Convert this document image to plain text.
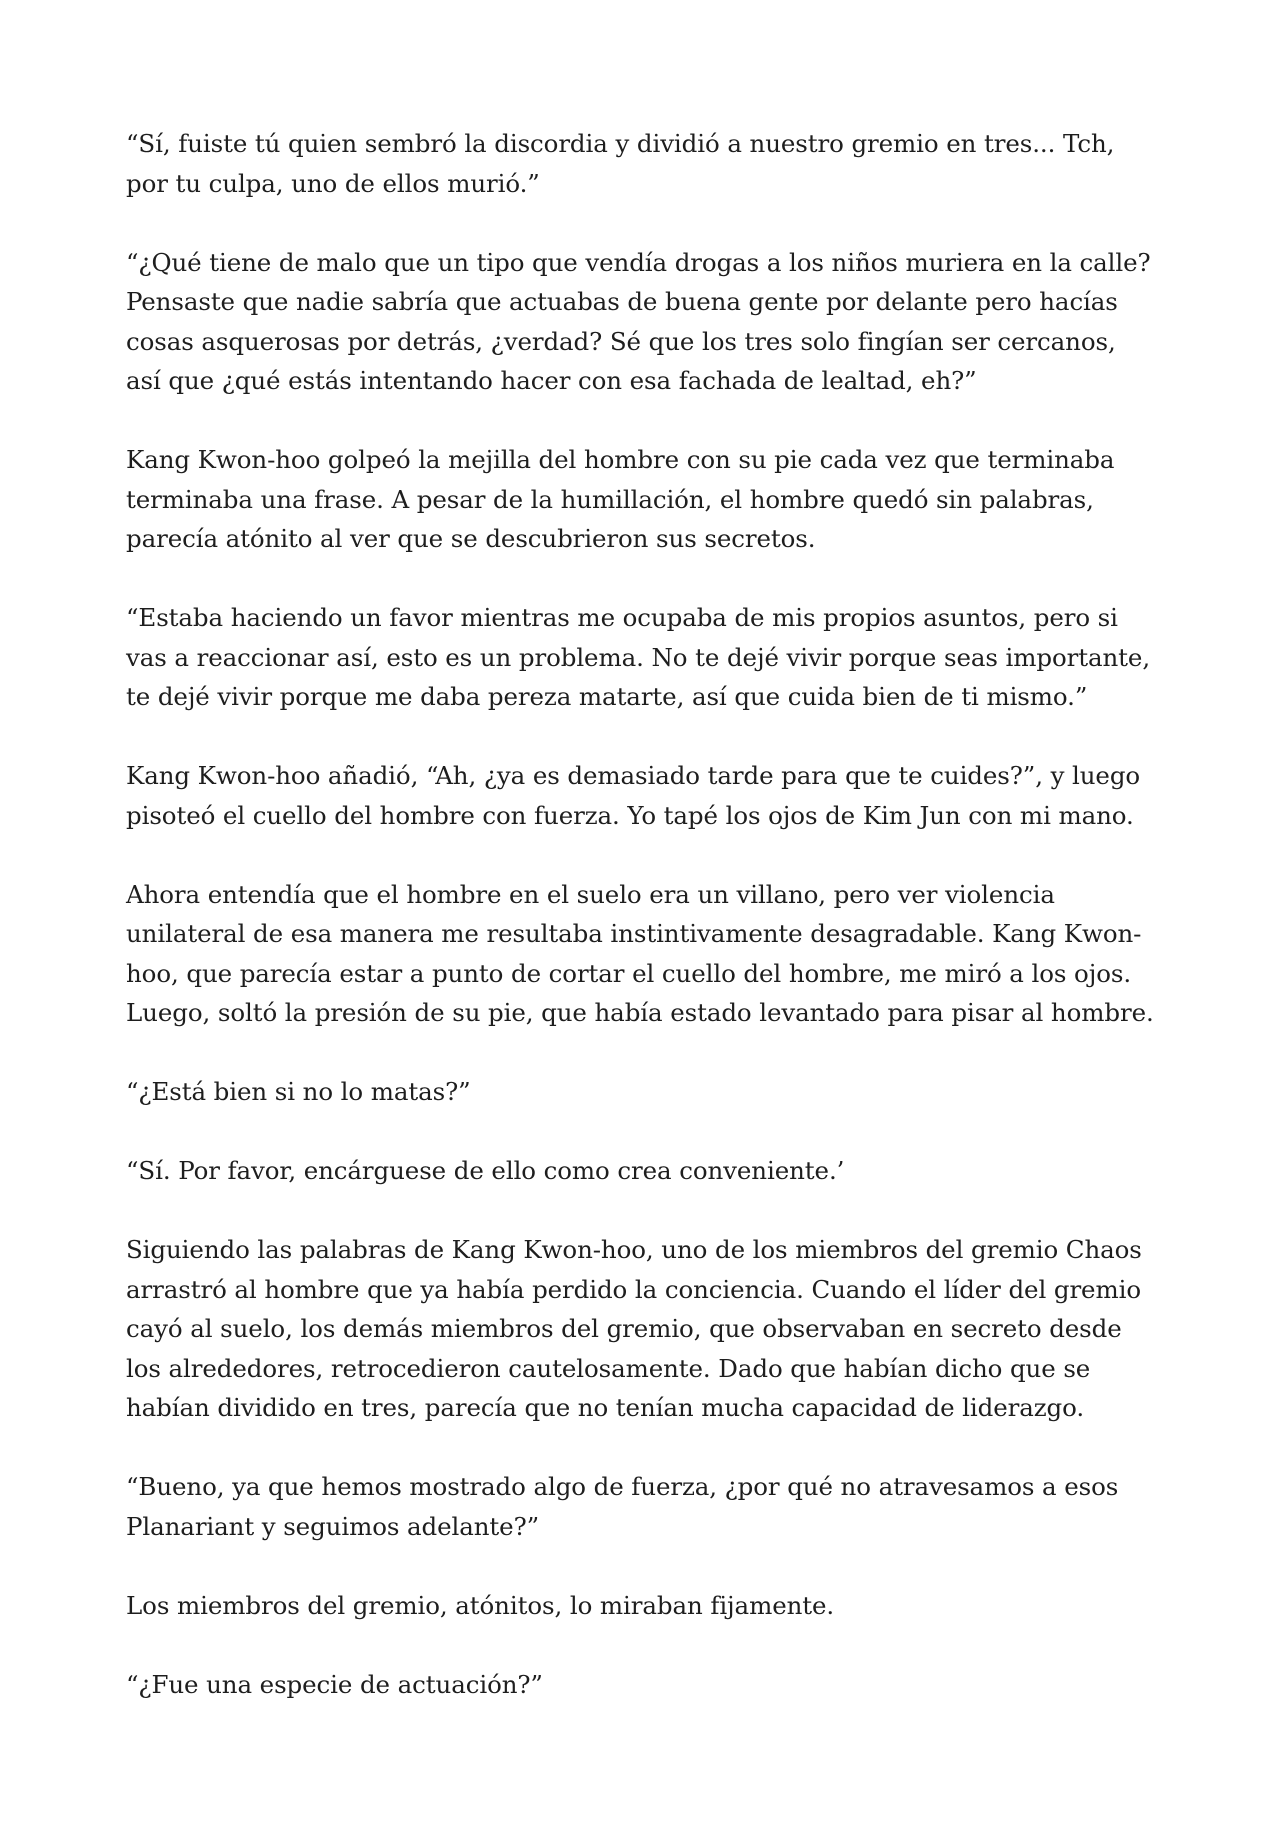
“Sí, fuiste tú quien sembró la discordia y dividió a nuestro gremio en tres... Tch, por tu culpa, uno de ellos murió.”

“¿Qué tiene de malo que un tipo que vendía drogas a los niños muriera en la calle? Pensaste que nadie sabría que actuabas de buena gente por delante pero hacías cosas asquerosas por detrás, ¿verdad? Sé que los tres solo fingían ser cercanos, así que ¿qué estás intentando hacer con esa fachada de lealtad, eh?”

Kang Kwon-hoo golpeó la mejilla del hombre con su pie cada vez que terminaba terminaba una frase. A pesar de la humillación, el hombre quedó sin palabras, parecía atónito al ver que se descubrieron sus secretos.

“Estaba haciendo un favor mientras me ocupaba de mis propios asuntos, pero si vas a reaccionar así, esto es un problema. No te dejé vivir porque seas importante, te dejé vivir porque me daba pereza matarte, así que cuida bien de ti mismo.”

Kang Kwon-hoo añadió, “Ah, ¿ya es demasiado tarde para que te cuides?”, y luego pisoteó el cuello del hombre con fuerza. Yo tapé los ojos de Kim Jun con mi mano.

Ahora entendía que el hombre en el suelo era un villano, pero ver violencia unilateral de esa manera me resultaba instintivamente desagradable. Kang Kwon-hoo, que parecía estar a punto de cortar el cuello del hombre, me miró a los ojos. Luego, soltó la presión de su pie, que había estado levantado para pisar al hombre.

“¿Está bien si no lo matas?”

“Sí. Por favor, encárguese de ello como crea conveniente.’

Siguiendo las palabras de Kang Kwon-hoo, uno de los miembros del gremio Chaos arrastró al hombre que ya había perdido la conciencia. Cuando el líder del gremio cayó al suelo, los demás miembros del gremio, que observaban en secreto desde los alrededores, retrocedieron cautelosamente. Dado que habían dicho que se habían dividido en tres, parecía que no tenían mucha capacidad de liderazgo.

“Bueno, ya que hemos mostrado algo de fuerza, ¿por qué no atravesamos a esos Planariant y seguimos adelante?”

Los miembros del gremio, atónitos, lo miraban fijamente.

“¿Fue una especie de actuación?”
